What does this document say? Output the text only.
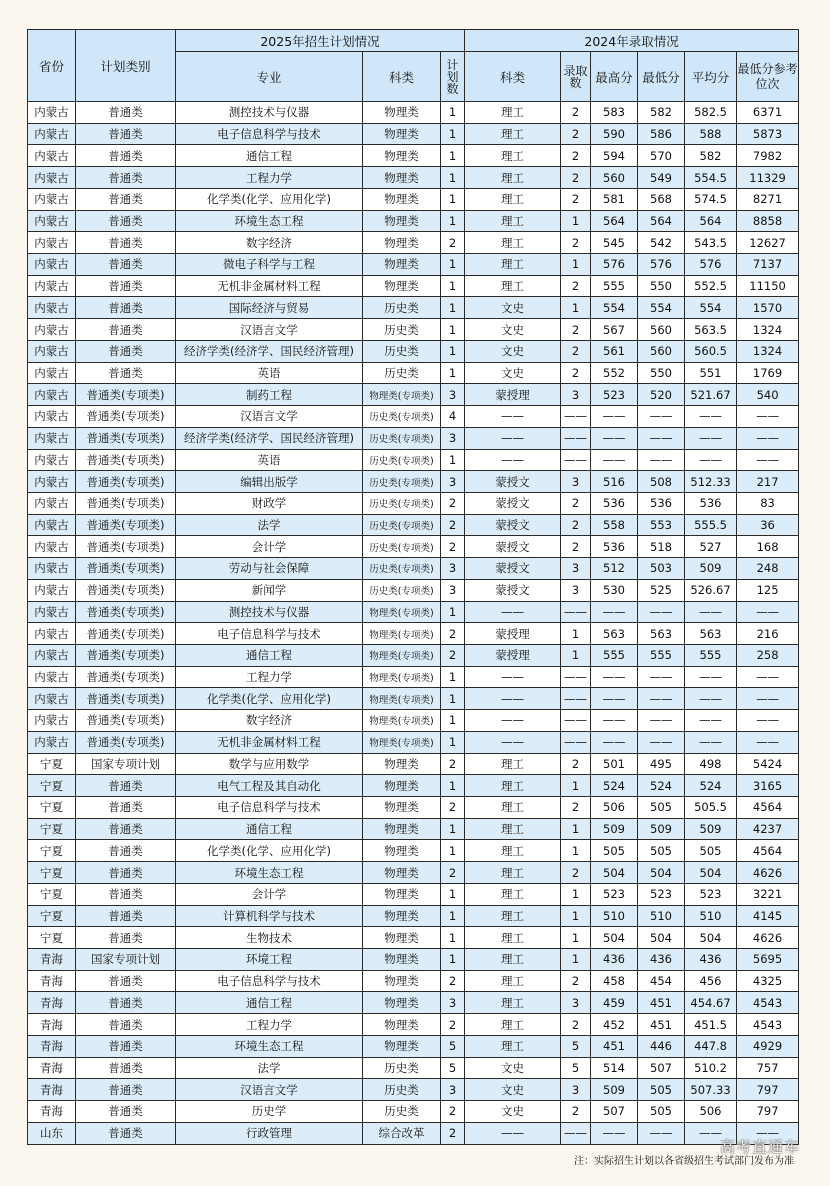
省份	计划类别	2025年招生计划情况			2024年录取情况					
		专业	科类	计划数	科类	录取数	最高分	最低分	平均分	最低分参考位次
内蒙古	普通类	测控技术与仪器	物理类	1	理工	2	583	582	582.5	6371
内蒙古	普通类	电子信息科学与技术	物理类	1	理工	2	590	586	588	5873
内蒙古	普通类	通信工程	物理类	1	理工	2	594	570	582	7982
内蒙古	普通类	工程力学	物理类	1	理工	2	560	549	554.5	11329
内蒙古	普通类	化学类(化学、应用化学)	物理类	1	理工	2	581	568	574.5	8271
内蒙古	普通类	环境生态工程	物理类	1	理工	1	564	564	564	8858
内蒙古	普通类	数字经济	物理类	2	理工	2	545	542	543.5	12627
内蒙古	普通类	微电子科学与工程	物理类	1	理工	1	576	576	576	7137
内蒙古	普通类	无机非金属材料工程	物理类	1	理工	2	555	550	552.5	11150
内蒙古	普通类	国际经济与贸易	历史类	1	文史	1	554	554	554	1570
内蒙古	普通类	汉语言文学	历史类	1	文史	2	567	560	563.5	1324
内蒙古	普通类	经济学类(经济学、国民经济管理)	历史类	1	文史	2	561	560	560.5	1324
内蒙古	普通类	英语	历史类	1	文史	2	552	550	551	1769
内蒙古	普通类(专项类)	制药工程	物理类(专项类)	3	蒙授理	3	523	520	521.67	540
内蒙古	普通类(专项类)	汉语言文学	历史类(专项类)	4	——	——	——	——	——	——
内蒙古	普通类(专项类)	经济学类(经济学、国民经济管理)	历史类(专项类)	3	——	——	——	——	——	——
内蒙古	普通类(专项类)	英语	历史类(专项类)	1	——	——	——	——	——	——
内蒙古	普通类(专项类)	编辑出版学	历史类(专项类)	3	蒙授文	3	516	508	512.33	217
内蒙古	普通类(专项类)	财政学	历史类(专项类)	2	蒙授文	2	536	536	536	83
内蒙古	普通类(专项类)	法学	历史类(专项类)	2	蒙授文	2	558	553	555.5	36
内蒙古	普通类(专项类)	会计学	历史类(专项类)	2	蒙授文	2	536	518	527	168
内蒙古	普通类(专项类)	劳动与社会保障	历史类(专项类)	3	蒙授文	3	512	503	509	248
内蒙古	普通类(专项类)	新闻学	历史类(专项类)	3	蒙授文	3	530	525	526.67	125
内蒙古	普通类(专项类)	测控技术与仪器	物理类(专项类)	1	——	——	——	——	——	——
内蒙古	普通类(专项类)	电子信息科学与技术	物理类(专项类)	2	蒙授理	1	563	563	563	216
内蒙古	普通类(专项类)	通信工程	物理类(专项类)	2	蒙授理	1	555	555	555	258
内蒙古	普通类(专项类)	工程力学	物理类(专项类)	1	——	——	——	——	——	——
内蒙古	普通类(专项类)	化学类(化学、应用化学)	物理类(专项类)	1	——	——	——	——	——	——
内蒙古	普通类(专项类)	数字经济	物理类(专项类)	1	——	——	——	——	——	——
内蒙古	普通类(专项类)	无机非金属材料工程	物理类(专项类)	1	——	——	——	——	——	——
宁夏	国家专项计划	数学与应用数学	物理类	2	理工	2	501	495	498	5424
宁夏	普通类	电气工程及其自动化	物理类	1	理工	1	524	524	524	3165
宁夏	普通类	电子信息科学与技术	物理类	2	理工	2	506	505	505.5	4564
宁夏	普通类	通信工程	物理类	1	理工	1	509	509	509	4237
宁夏	普通类	化学类(化学、应用化学)	物理类	1	理工	1	505	505	505	4564
宁夏	普通类	环境生态工程	物理类	2	理工	2	504	504	504	4626
宁夏	普通类	会计学	物理类	1	理工	1	523	523	523	3221
宁夏	普通类	计算机科学与技术	物理类	1	理工	1	510	510	510	4145
宁夏	普通类	生物技术	物理类	1	理工	1	504	504	504	4626
青海	国家专项计划	环境工程	物理类	1	理工	1	436	436	436	5695
青海	普通类	电子信息科学与技术	物理类	2	理工	2	458	454	456	4325
青海	普通类	通信工程	物理类	3	理工	3	459	451	454.67	4543
青海	普通类	工程力学	物理类	2	理工	2	452	451	451.5	4543
青海	普通类	环境生态工程	物理类	5	理工	5	451	446	447.8	4929
青海	普通类	法学	历史类	5	文史	5	514	507	510.2	757
青海	普通类	汉语言文学	历史类	3	文史	3	509	505	507.33	797
青海	普通类	历史学	历史类	2	文史	2	507	505	506	797
山东	普通类	行政管理	综合改革	2	——	——	——	——	——	——
注：实际招生计划以各省级招生考试部门发布为准
高考直通车
